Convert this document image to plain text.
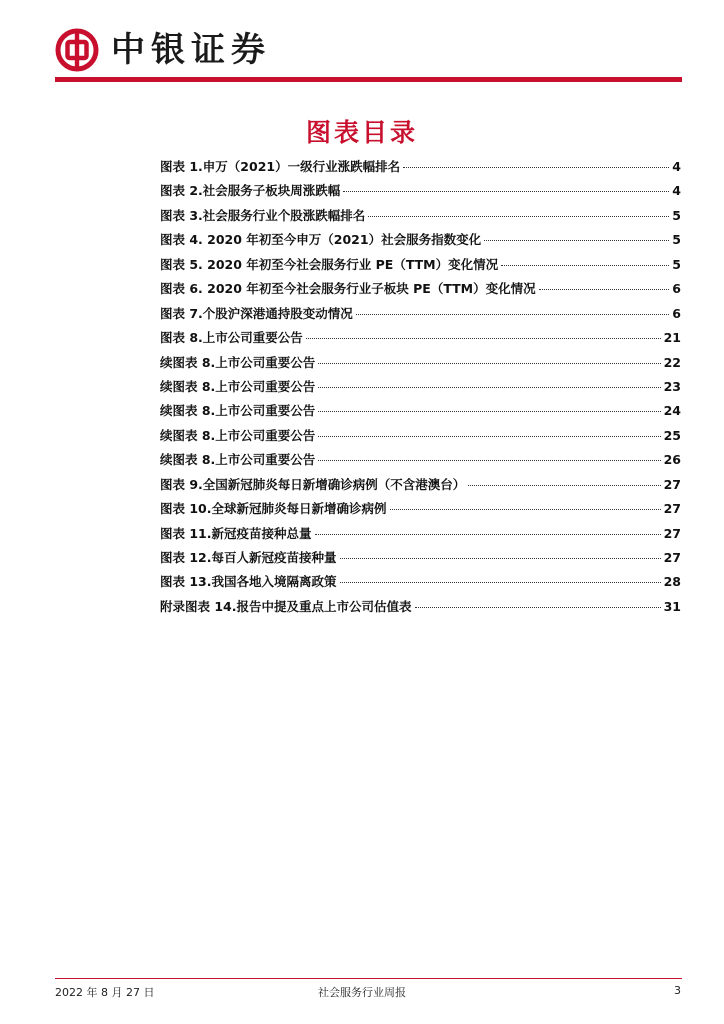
中银证券
图表目录
图表 1.申万（2021）一级行业涨跌幅排名	4
图表 2.社会服务子板块周涨跌幅	4
图表 3.社会服务行业个股涨跌幅排名	5
图表 4. 2020 年初至今申万（2021）社会服务指数变化	5
图表 5. 2020 年初至今社会服务行业 PE（TTM）变化情况	5
图表 6. 2020 年初至今社会服务行业子板块 PE（TTM）变化情况	6
图表 7.个股沪深港通持股变动情况	6
图表 8.上市公司重要公告	21
续图表 8.上市公司重要公告	22
续图表 8.上市公司重要公告	23
续图表 8.上市公司重要公告	24
续图表 8.上市公司重要公告	25
续图表 8.上市公司重要公告	26
图表 9.全国新冠肺炎每日新增确诊病例（不含港澳台）	27
图表 10.全球新冠肺炎每日新增确诊病例	27
图表 11.新冠疫苗接种总量	27
图表 12.每百人新冠疫苗接种量	27
图表 13.我国各地入境隔离政策	28
附录图表 14.报告中提及重点上市公司估值表	31
2022 年 8 月 27 日	社会服务行业周报	3
